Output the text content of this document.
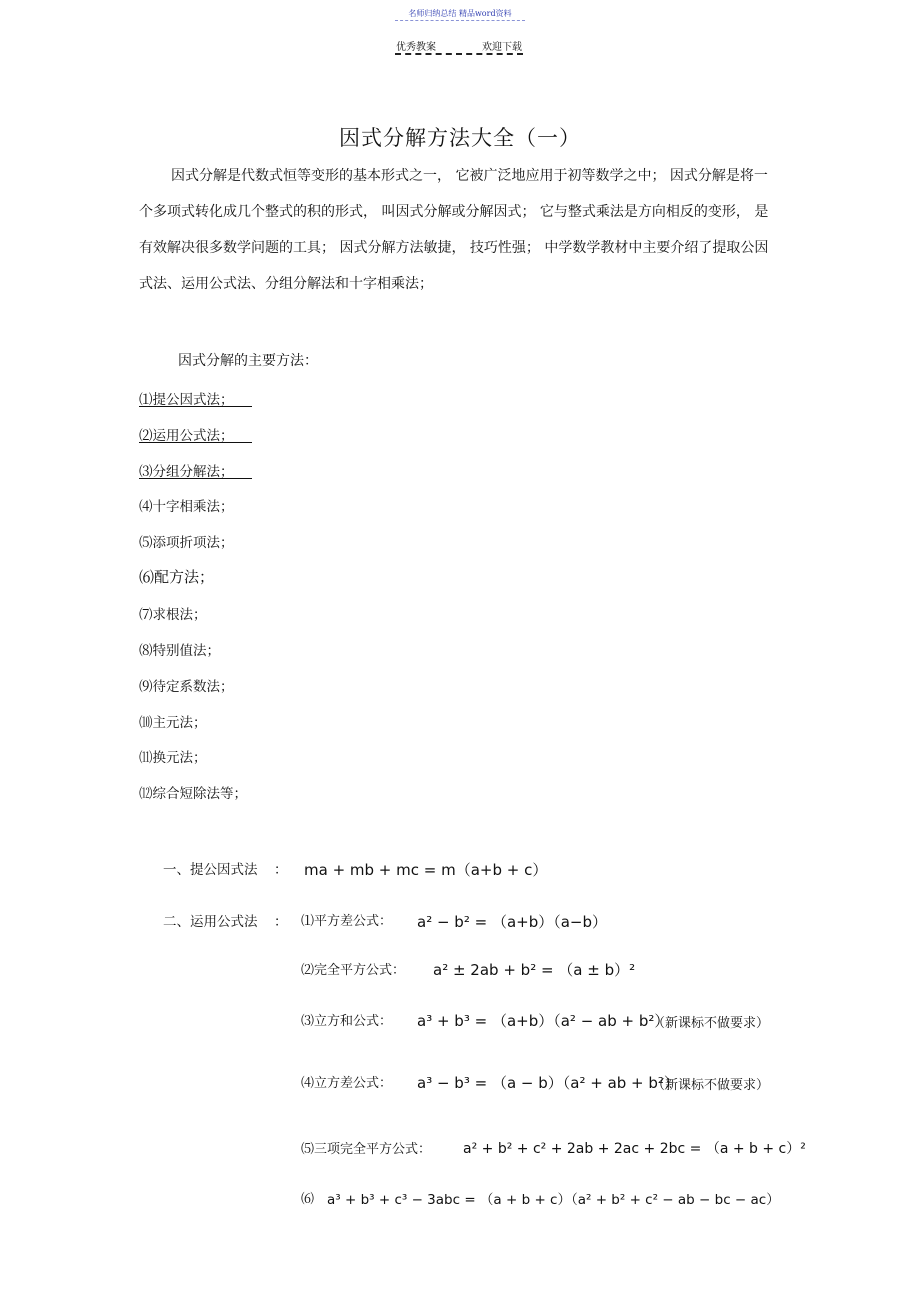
名师归纳总结 精品word资料
优秀教案	欢迎下载
因式分解方法大全（一）
因式分解是代数式恒等变形的基本形式之一， 它被广泛地应用于初等数学之中； 因式分解是将一个多项式转化成几个整式的积的形式， 叫因式分解或分解因式； 它与整式乘法是方向相反的变形， 是有效解决很多数学问题的工具； 因式分解方法敏捷， 技巧性强； 中学数学教材中主要介绍了提取公因式法、运用公式法、分组分解法和十字相乘法；
因式分解的主要方法：
⑴提公因式法；
⑵运用公式法；
⑶分组分解法；
⑷十字相乘法；
⑸添项折项法；
⑹配方法；
⑺求根法；
⑻特别值法；
⑼待定系数法；
⑽主元法；
⑾换元法；
⑿综合短除法等；
一、提公因式法 ： ma + mb + mc = m（a+b + c）
二、运用公式法 ： ⑴平方差公式： a² − b² = （a+b）（a−b）
⑵完全平方公式： a² ± 2ab + b² = （a ± b）²
⑶立方和公式： a³ + b³ = （a+b）（a² − ab + b²）
（新课标不做要求）
⑷立方差公式： a³ − b³ = （a − b）（a² + ab + b²）
（新课标不做要求）
⑸三项完全平方公式： a² + b² + c² + 2ab + 2ac + 2bc = （a + b + c）²
⑹ a³ + b³ + c³ − 3abc = （a + b + c）（a² + b² + c² − ab − bc − ac）
